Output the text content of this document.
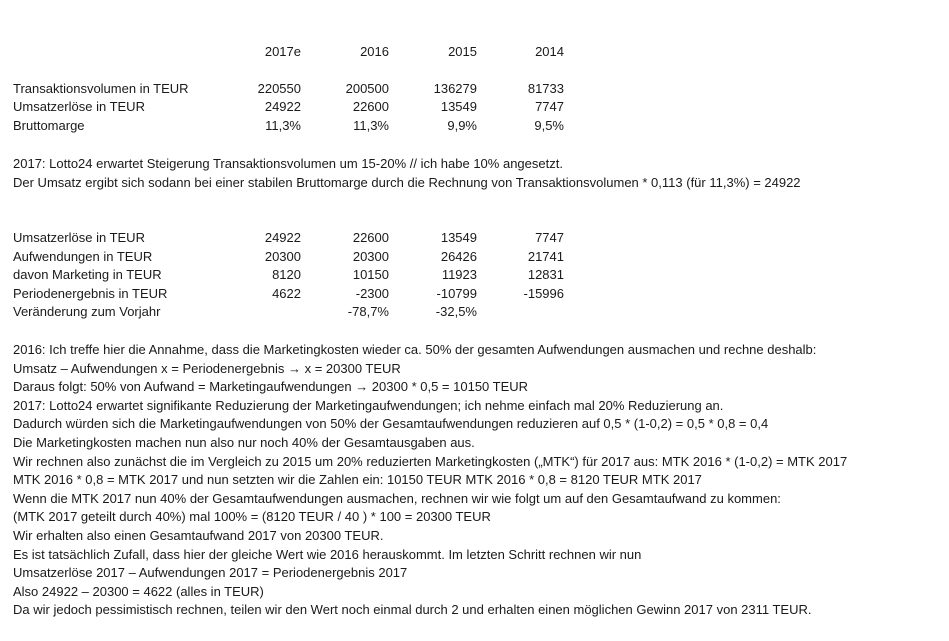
	2017e	2016	2015	2014

Transaktionsvolumen in TEUR	220550	200500	136279	81733
Umsatzerlöse in TEUR	24922	22600	13549	7747
Bruttomarge	11,3%	11,3%	9,9%	9,5%
2017: Lotto24 erwartet Steigerung Transaktionsvolumen um 15-20% // ich habe 10% angesetzt.
Der Umsatz ergibt sich sodann bei einer stabilen Bruttomarge durch die Rechnung von Transaktionsvolumen * 0,113 (für 11,3%) = 24922
Umsatzerlöse in TEUR	24922	22600	13549	7747
Aufwendungen in TEUR	20300	20300	26426	21741
davon Marketing in TEUR	8120	10150	11923	12831
Periodenergebnis in TEUR	4622	-2300	-10799	-15996
Veränderung zum Vorjahr		-78,7%	-32,5%	
2016: Ich treffe hier die Annahme, dass die Marketingkosten wieder ca. 50% der gesamten Aufwendungen ausmachen und rechne deshalb:
Umsatz – Aufwendungen x = Periodenergebnis → x = 20300 TEUR
Daraus folgt: 50% von Aufwand = Marketingaufwendungen → 20300 * 0,5 = 10150 TEUR
2017: Lotto24 erwartet signifikante Reduzierung der Marketingaufwendungen; ich nehme einfach mal 20% Reduzierung an.
Dadurch würden sich die Marketingaufwendungen von 50% der Gesamtaufwendungen reduzieren auf 0,5 * (1-0,2) = 0,5 * 0,8 = 0,4
Die Marketingkosten machen nun also nur noch 40% der Gesamtausgaben aus.
Wir rechnen also zunächst die im Vergleich zu 2015 um 20% reduzierten Marketingkosten („MTK“) für 2017 aus: MTK 2016 * (1-0,2) = MTK 2017
MTK 2016 * 0,8 = MTK 2017 und nun setzten wir die Zahlen ein: 10150 TEUR MTK 2016 * 0,8 = 8120 TEUR MTK 2017
Wenn die MTK 2017 nun 40% der Gesamtaufwendungen ausmachen, rechnen wir wie folgt um auf den Gesamtaufwand zu kommen:
(MTK 2017 geteilt durch 40%) mal 100% = (8120 TEUR / 40 ) * 100 = 20300 TEUR
Wir erhalten also einen Gesamtaufwand 2017 von 20300 TEUR.
Es ist tatsächlich Zufall, dass hier der gleiche Wert wie 2016 herauskommt. Im letzten Schritt rechnen wir nun
Umsatzerlöse 2017 – Aufwendungen 2017 = Periodenergebnis 2017
Also 24922 – 20300 = 4622 (alles in TEUR)
Da wir jedoch pessimistisch rechnen, teilen wir den Wert noch einmal durch 2 und erhalten einen möglichen Gewinn 2017 von 2311 TEUR.
